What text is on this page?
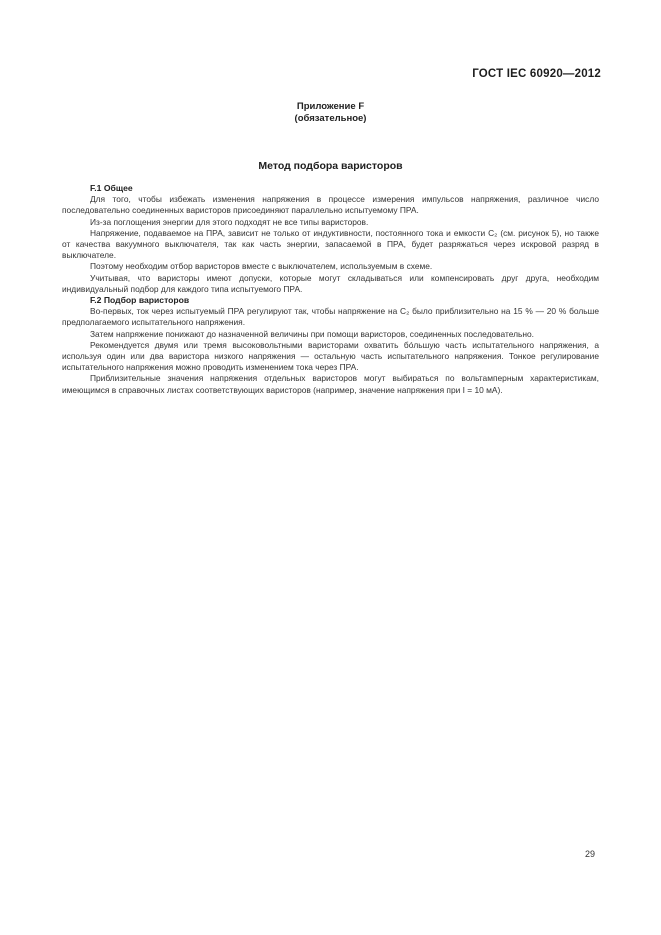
ГОСТ IEC 60920—2012
Приложение F
(обязательное)
Метод подбора варисторов
F.1 Общее

Для того, чтобы избежать изменения напряжения в процессе измерения импульсов напряжения, различное число последовательно соединенных варисторов присоединяют параллельно испытуемому ПРА.

Из-за поглощения энергии для этого подходят не все типы варисторов.

Напряжение, подаваемое на ПРА, зависит не только от индуктивности, постоянного тока и емкости C₂ (см. рисунок 5), но также от качества вакуумного выключателя, так как часть энергии, запасаемой в ПРА, будет разряжаться через искровой разряд в выключателе.

Поэтому необходим отбор варисторов вместе с выключателем, используемым в схеме.

Учитывая, что варисторы имеют допуски, которые могут складываться или компенсировать друг друга, необходим индивидуальный подбор для каждого типа испытуемого ПРА.

F.2 Подбор варисторов

Во-первых, ток через испытуемый ПРА регулируют так, чтобы напряжение на C₂ было приблизительно на 15 % — 20 % больше предполагаемого испытательного напряжения.

Затем напряжение понижают до назначенной величины при помощи варисторов, соединенных последовательно.

Рекомендуется двумя или тремя высоковольтными варисторами охватить бóльшую часть испытательного напряжения, а используя один или два варистора низкого напряжения — остальную часть испытательного напряжения. Тонкое регулирование испытательного напряжения можно проводить изменением тока через ПРА.

Приблизительные значения напряжения отдельных варисторов могут выбираться по вольтамперным характеристикам, имеющимся в справочных листах соответствующих варисторов (например, значение напряжения при I = 10 мА).

29
